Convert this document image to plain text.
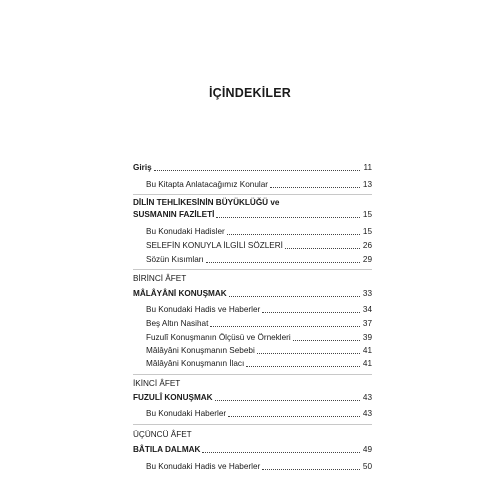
İÇİNDEKİLER
Giriş	11
Bu Kitapta Anlatacağımız Konular	13
DİLİN TEHLİKESİNİN BÜYÜKLÜĞÜ ve
SUSMANIN FAZİLETİ	15
Bu Konudaki Hadisler	15
SELEFİN KONUYLA İLGİLİ SÖZLERİ	26
Sözün Kısımları	29
BİRİNCİ ÂFET
MÂLÂYÂNİ KONUŞMAK	33
Bu Konudaki Hadis ve Haberler	34
Beş Altın Nasihat	37
Fuzulî Konuşmanın Ölçüsü ve Örnekleri	39
Mâlâyâni Konuşmanın Sebebi	41
Mâlâyâni Konuşmanın İlacı	41
İKİNCİ ÂFET
FUZULÎ KONUŞMAK	43
Bu Konudaki Haberler	43
ÜÇÜNCÜ ÂFET
BÂTILA DALMAK	49
Bu Konudaki Hadis ve Haberler	50
